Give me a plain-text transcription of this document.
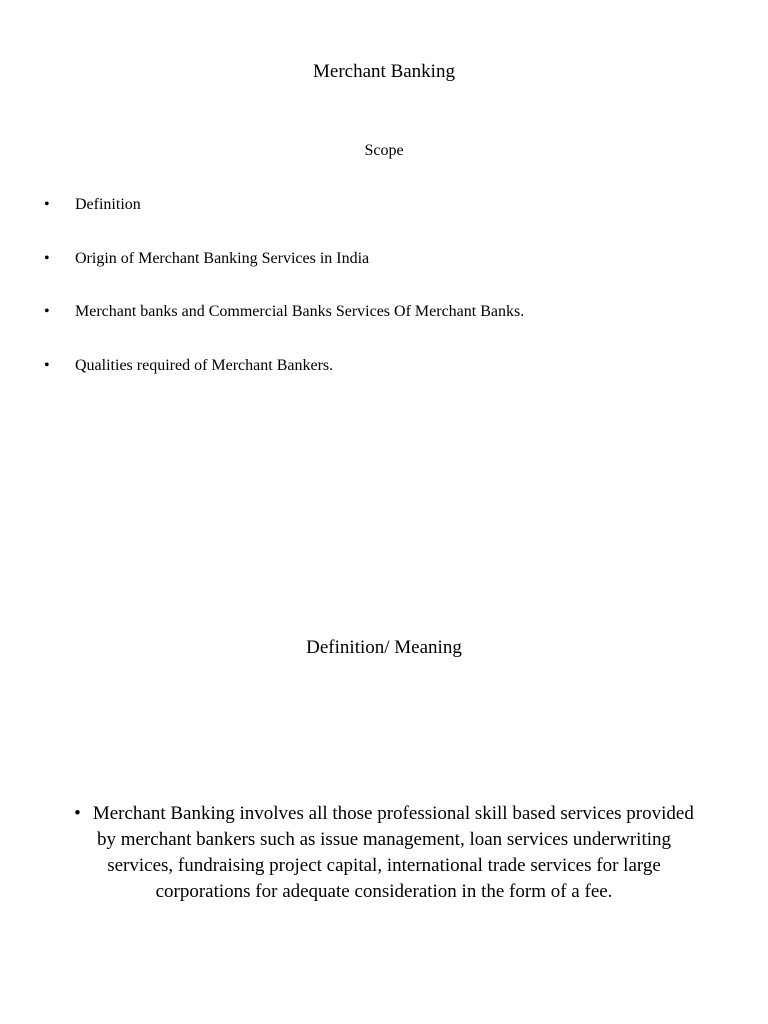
Merchant Banking
Scope
• Definition
• Origin of Merchant Banking Services in India
• Merchant banks and Commercial Banks Services Of Merchant Banks.
• Qualities required of Merchant Bankers.
Definition/ Meaning
• Merchant Banking involves all those professional skill based services provided by merchant bankers such as issue management, loan services underwriting services, fundraising project capital, international trade services for large corporations for adequate consideration in the form of a fee.
